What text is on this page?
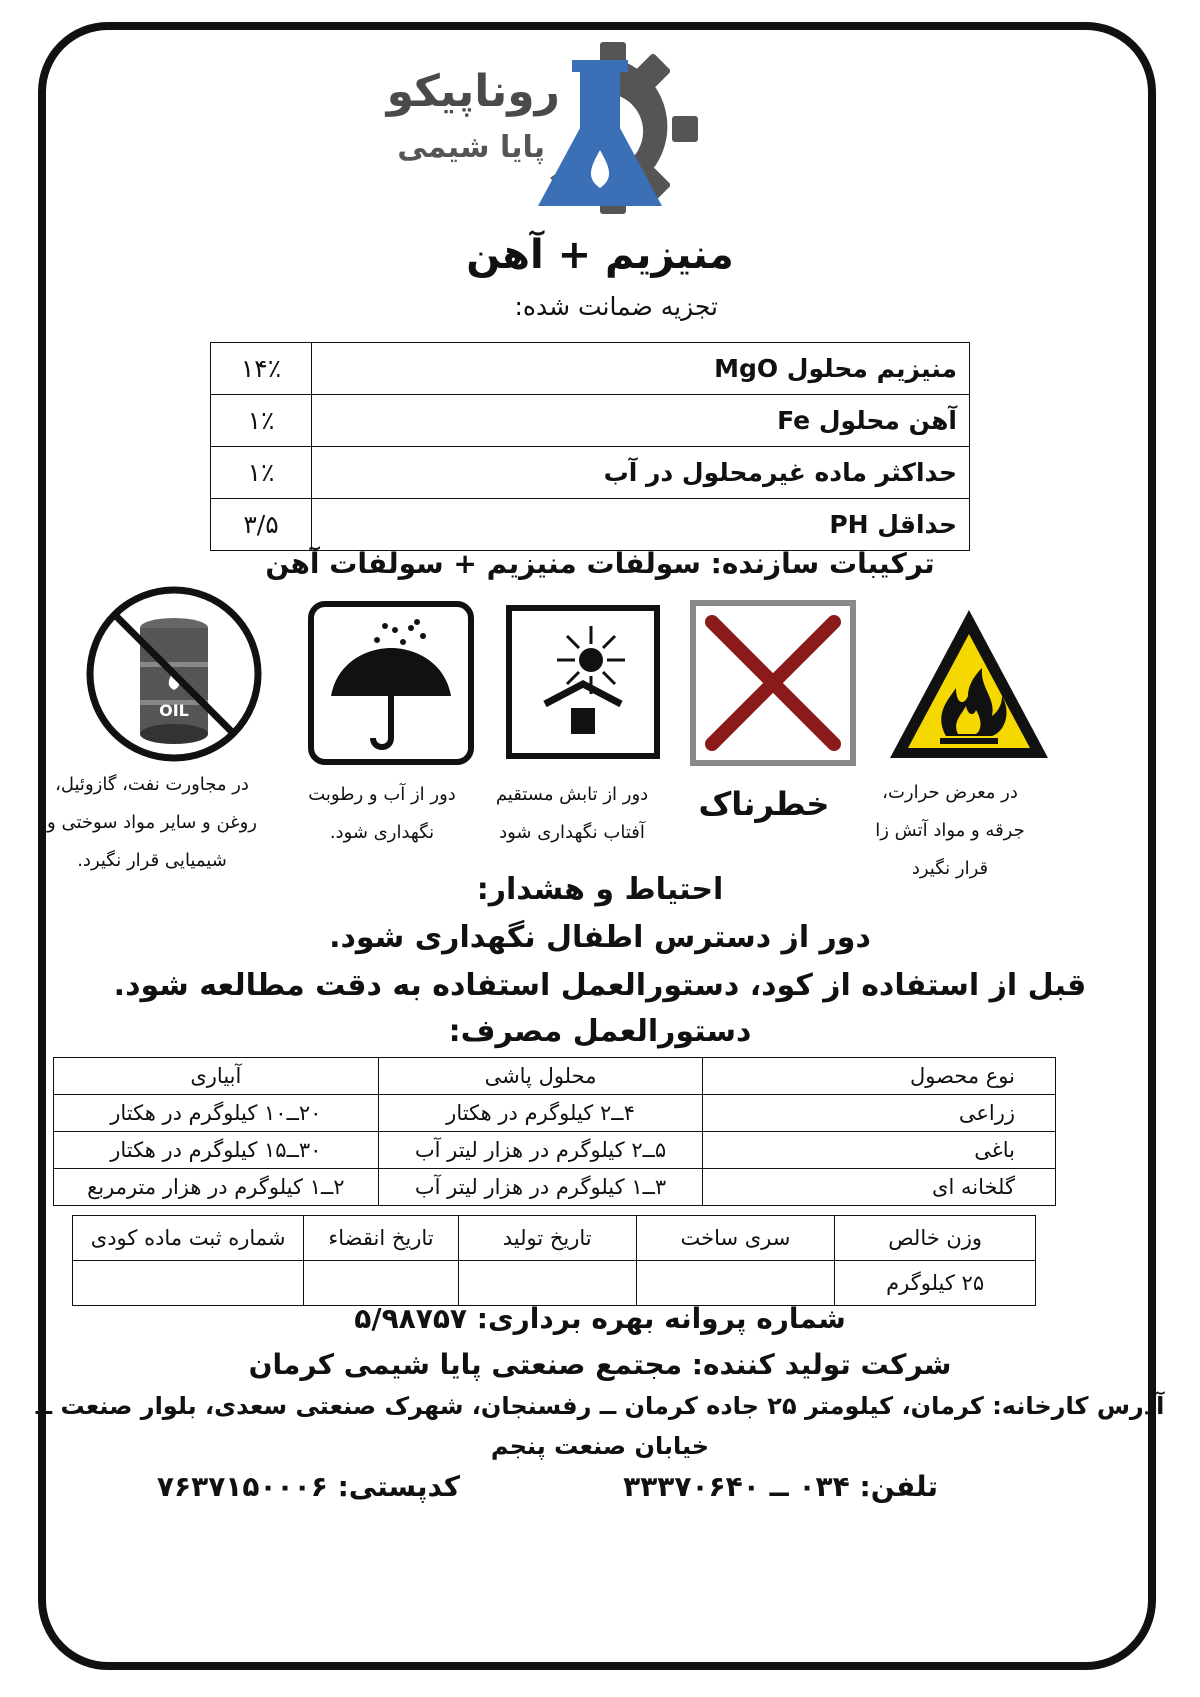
روناپیکو
پایا شیمی
منیزیم + آهن
تجزیه ضمانت شده:
منیزیم محلول MgO	۱۴٪
آهن محلول Fe	۱٪
حداکثر ماده غیرمحلول در آب	۱٪
حداقل PH	۳/۵
ترکیبات سازنده: سولفات منیزیم + سولفات آهن
OIL
در معرض حرارت،
جرقه و مواد آتش زا
قرار نگیرد
خطرناک
دور از تابش مستقیم
آفتاب نگهداری شود
دور از آب و رطوبت
نگهداری شود.
در مجاورت نفت، گازوئیل،
روغن و سایر مواد سوختی و
شیمیایی قرار نگیرد.
احتیاط و هشدار:
دور از دسترس اطفال نگهداری شود.
قبل از استفاده از کود، دستورالعمل استفاده به دقت مطالعه شود.
دستورالعمل مصرف:
نوع محصول	محلول پاشی	آبیاری
زراعی	۴ــ۲ کیلوگرم در هکتار	۲۰ــ۱۰ کیلوگرم در هکتار
باغی	۵ــ۲ کیلوگرم در هزار لیتر آب	۳۰ــ۱۵ کیلوگرم در هکتار
گلخانه ای	۳ــ۱ کیلوگرم در هزار لیتر آب	۲ــ۱ کیلوگرم در هزار مترمربع
وزن خالص	سری ساخت	تاریخ تولید	تاریخ انقضاء	شماره ثبت ماده کودی
۲۵ کیلوگرم				
شماره پروانه بهره برداری: ۵/۹۸۷۵۷
شرکت تولید کننده: مجتمع صنعتی پایا شیمی کرمان
آدرس کارخانه: کرمان، کیلومتر ۲۵ جاده کرمان ــ رفسنجان، شهرک صنعتی سعدی، بلوار صنعت ــ
خیابان صنعت پنجم
تلفن: ۰۳۴ ــ ۳۳۳۷۰۶۴۰
کدپستی: ۷۶۳۷۱۵۰۰۰۶
